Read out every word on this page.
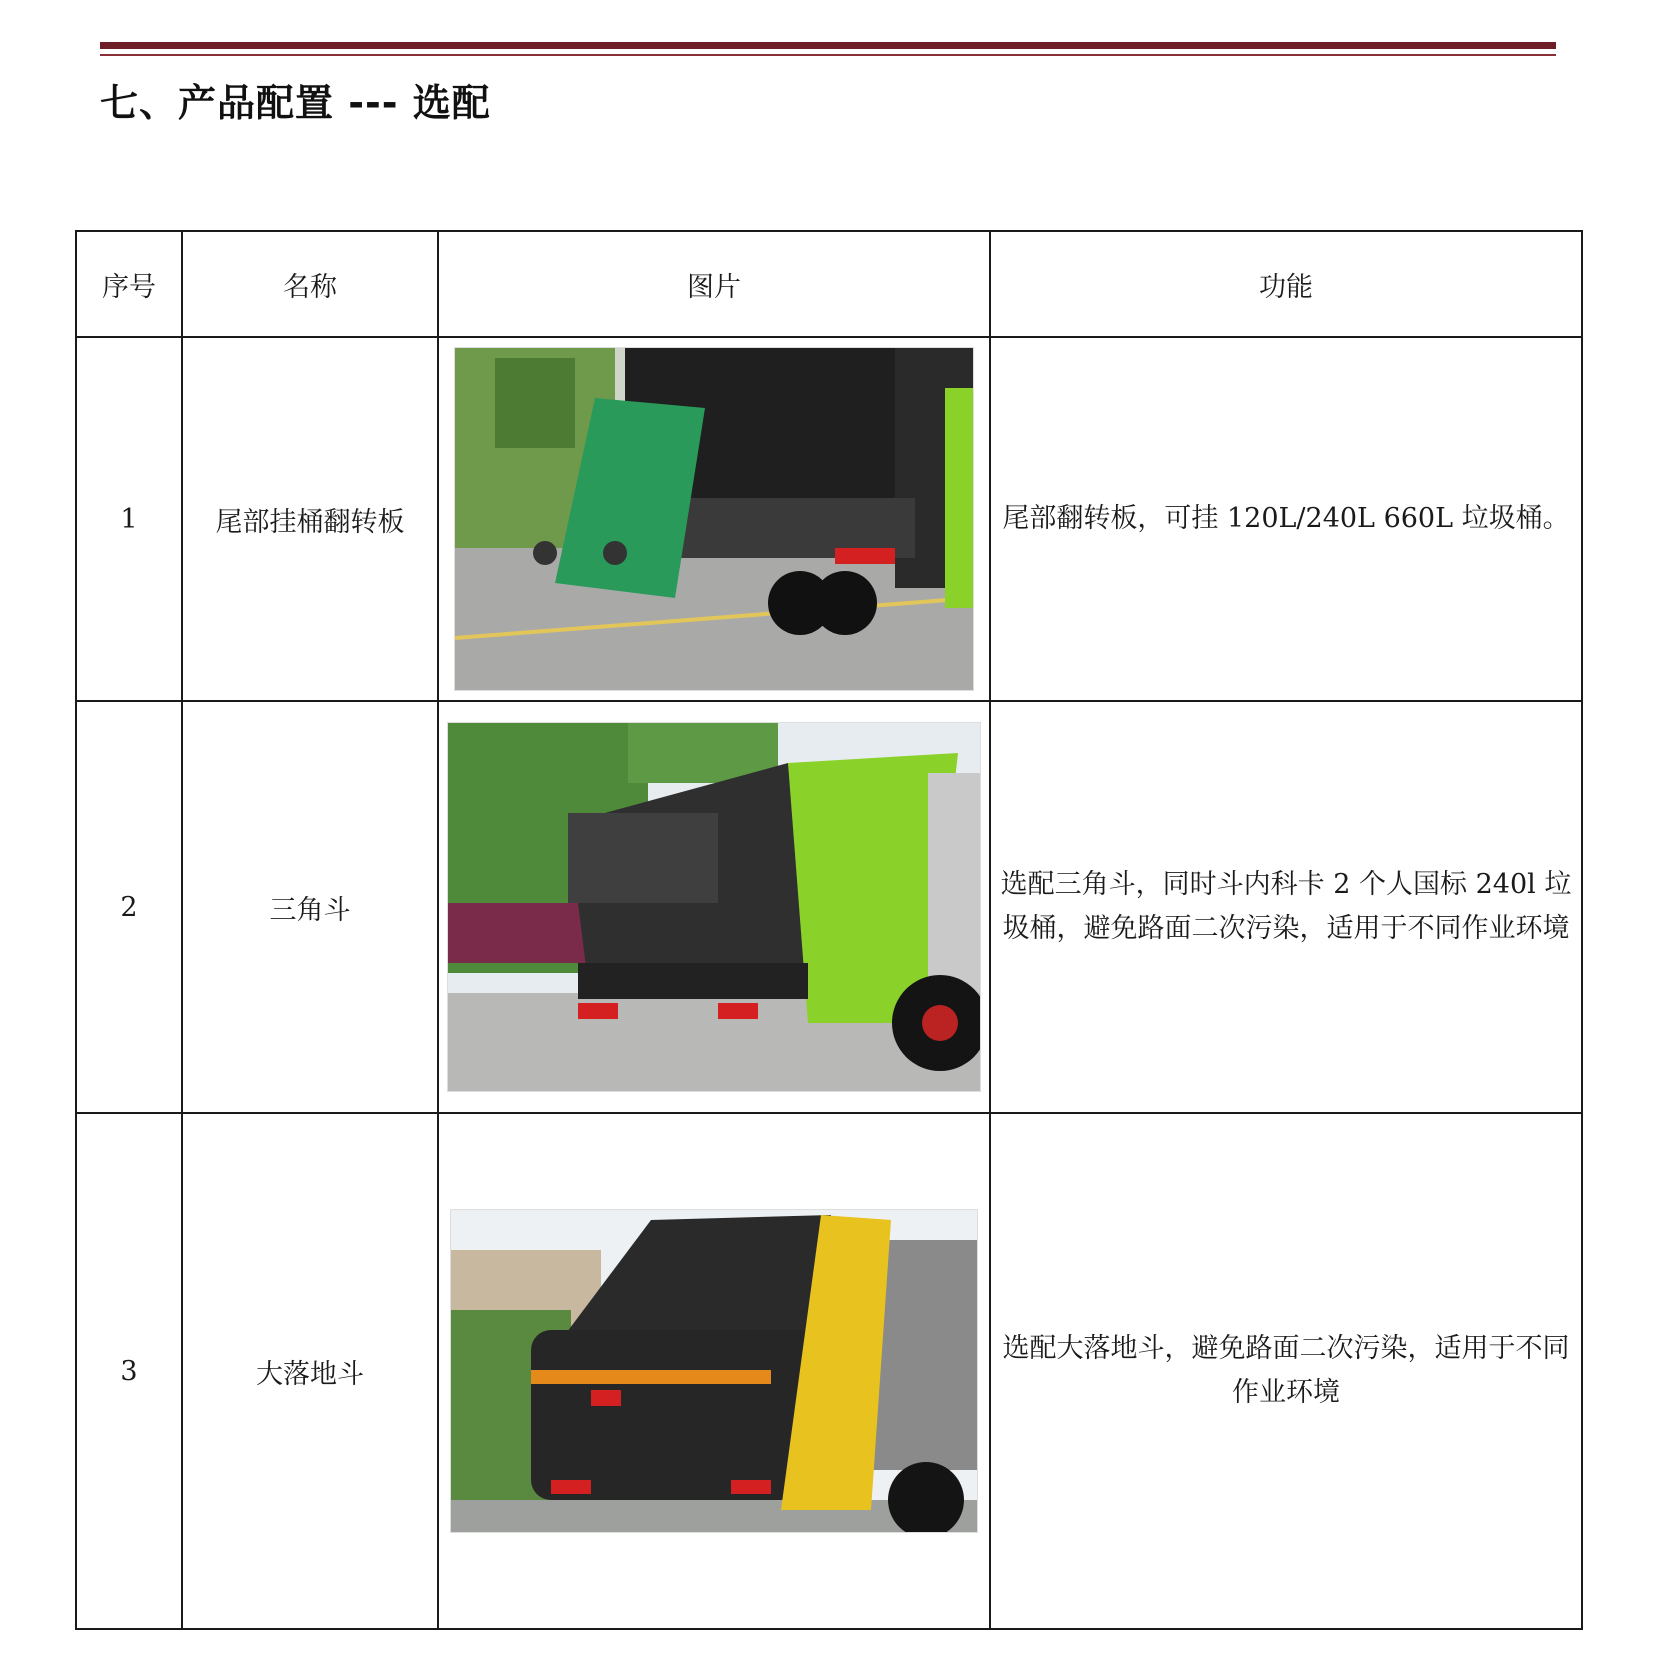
七、产品配置 --- 选配
序号	名称	图片	功能
1	尾部挂桶翻转板		尾部翻转板，可挂 120L/240L 660L 垃圾桶。
2	三角斗		选配三角斗，同时斗内科卡 2 个人国标 240l 垃圾桶，避免路面二次污染，适用于不同作业环境
3	大落地斗		选配大落地斗，避免路面二次污染，适用于不同作业环境
